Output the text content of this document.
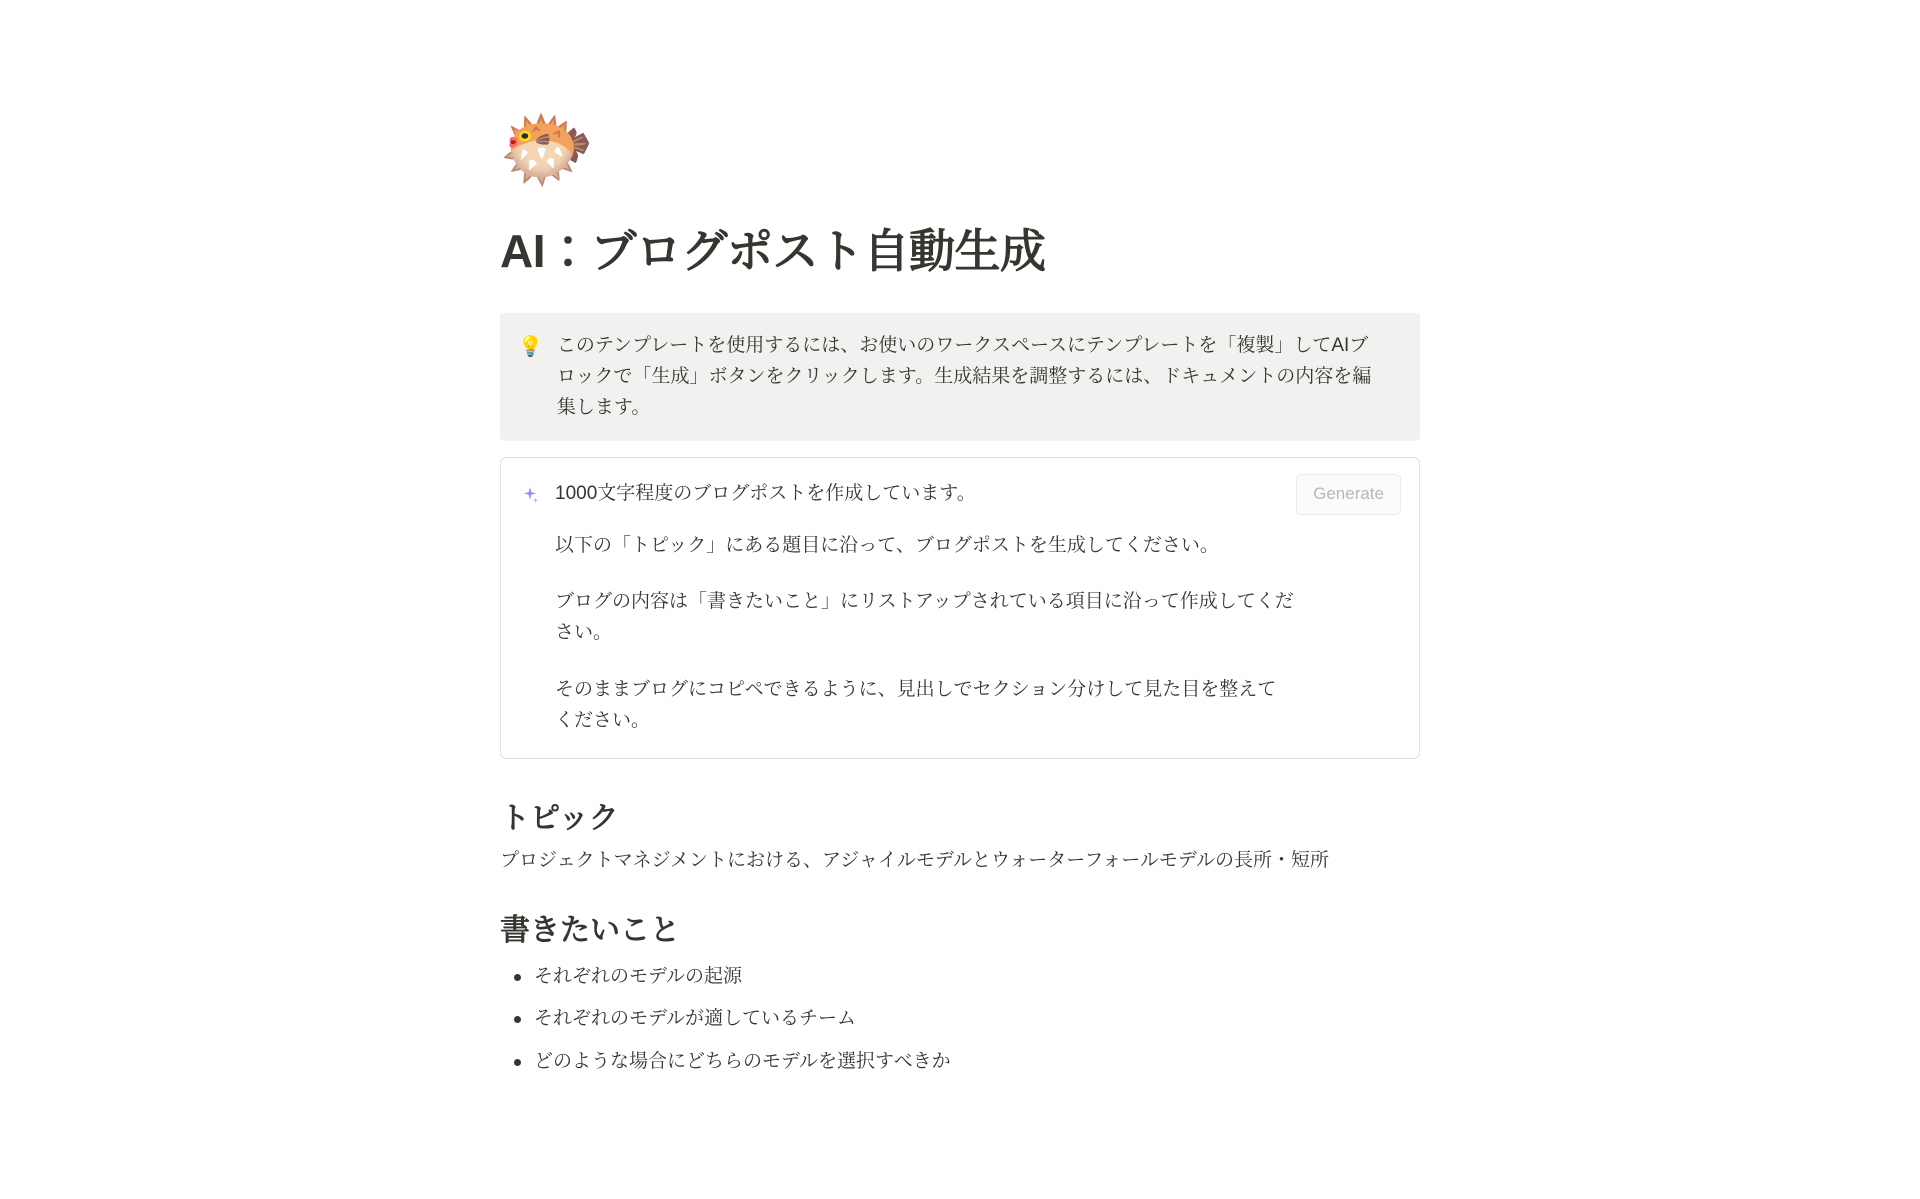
🐡
AI：ブログポスト自動生成
💡 このテンプレートを使用するには、お使いのワークスペースにテンプレートを「複製」してAIブロックで「生成」ボタンをクリックします。生成結果を調整するには、ドキュメントの内容を編集します。
1000文字程度のブログポストを作成しています。	Generate

以下の「トピック」にある題目に沿って、ブログポストを生成してください。

ブログの内容は「書きたいこと」にリストアップされている項目に沿って作成してください。

そのままブログにコピペできるように、見出しでセクション分けして見た目を整えてください。

トピック

プロジェクトマネジメントにおける、アジャイルモデルとウォーターフォールモデルの長所・短所

書きたいこと
それぞれのモデルの起源
それぞれのモデルが適しているチーム
どのような場合にどちらのモデルを選択すべきか
